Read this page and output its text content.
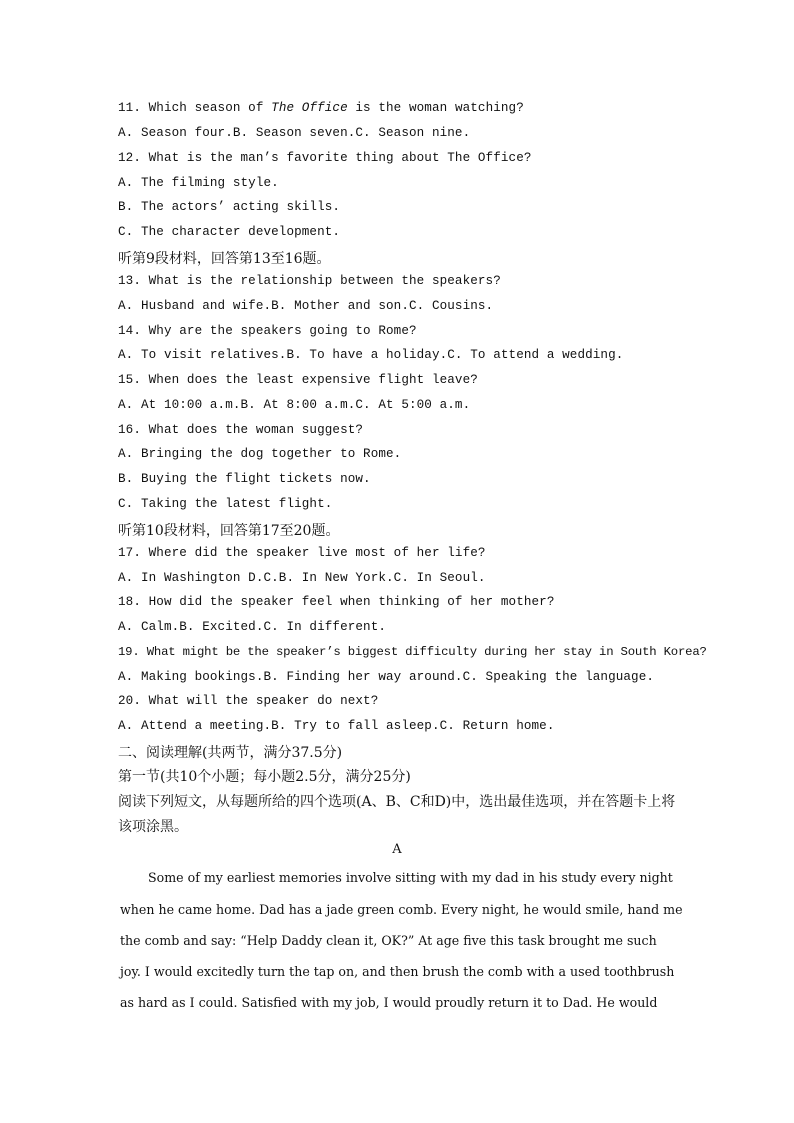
11. Which season of The Office is the woman watching?
A. Season four.B. Season seven.C. Season nine.
12. What is the man’s favorite thing about The Office?
A. The filming style.
B. The actors’ acting skills.
C. The character development.
听第9段材料，回答第13至16题。
13. What is the relationship between the speakers?
A. Husband and wife.B. Mother and son.C. Cousins.
14. Why are the speakers going to Rome?
A. To visit relatives.B. To have a holiday.C. To attend a wedding.
15. When does the least expensive flight leave?
A. At 10:00 a.m.B. At 8:00 a.m.C. At 5:00 a.m.
16. What does the woman suggest?
A. Bringing the dog together to Rome.
B. Buying the flight tickets now.
C. Taking the latest flight.
听第10段材料，回答第17至20题。
17. Where did the speaker live most of her life?
A. In Washington D.C.B. In New York.C. In Seoul.
18. How did the speaker feel when thinking of her mother?
A. Calm.B. Excited.C. In different.
19. What might be the speaker’s biggest difficulty during her stay in South Korea?
A. Making bookings.B. Finding her way around.C. Speaking the language.
20. What will the speaker do next?
A. Attend a meeting.B. Try to fall asleep.C. Return home.
二、阅读理解(共两节，满分37.5分)
第一节(共10个小题；每小题2.5分，满分25分)
阅读下列短文，从每题所给的四个选项(A、B、C和D)中，选出最佳选项，并在答题卡上将
该项涂黑。
A
Some of my earliest memories involve sitting with my dad in his study every night
when he came home. Dad has a jade green comb. Every night, he would smile, hand me
the comb and say: “Help Daddy clean it, OK?” At age five this task brought me such
joy. I would excitedly turn the tap on, and then brush the comb with a used toothbrush
as hard as I could. Satisfied with my job, I would proudly return it to Dad. He would
